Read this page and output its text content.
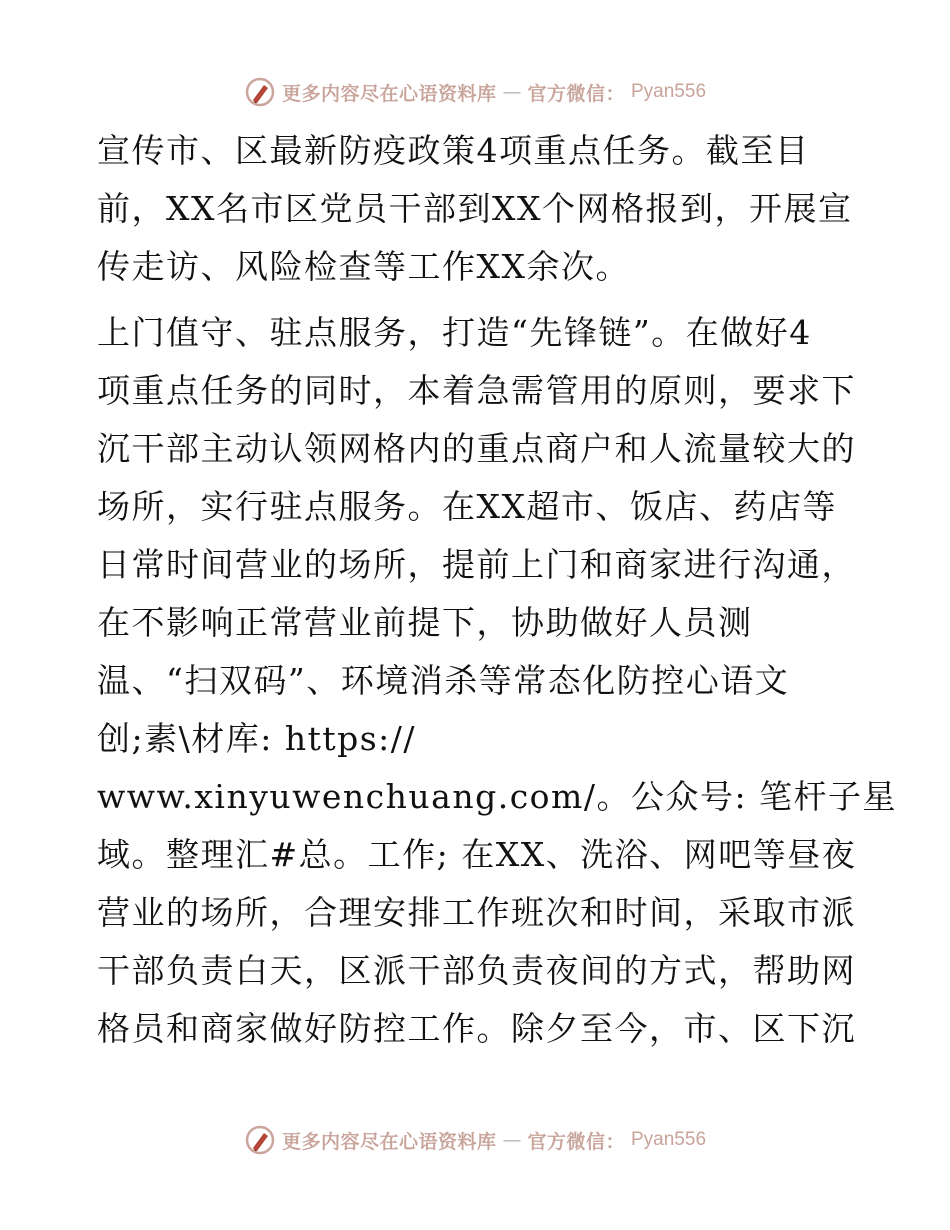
更多内容尽在心语资料库 — 官方微信： Pyan556
宣传市、区最新防疫政策4项重点任务。截至目
前，XX名市区党员干部到XX个网格报到，开展宣
传走访、风险检查等工作XX余次。
上门值守、驻点服务，打造“先锋链”。在做好4
项重点任务的同时，本着急需管用的原则，要求下
沉干部主动认领网格内的重点商户和人流量较大的
场所，实行驻点服务。在XX超市、饭店、药店等
日常时间营业的场所，提前上门和商家进行沟通，
在不影响正常营业前提下，协助做好人员测
温、“扫双码”、环境消杀等常态化防控心语文
创;素\材库: https://
www.xinyuwenchuang.com/。公众号: 笔杆子星
域。整理汇#总。工作; 在XX、洗浴、网吧等昼夜
营业的场所，合理安排工作班次和时间，采取市派
干部负责白天，区派干部负责夜间的方式，帮助网
格员和商家做好防控工作。除夕至今，市、区下沉
更多内容尽在心语资料库 — 官方微信： Pyan556
